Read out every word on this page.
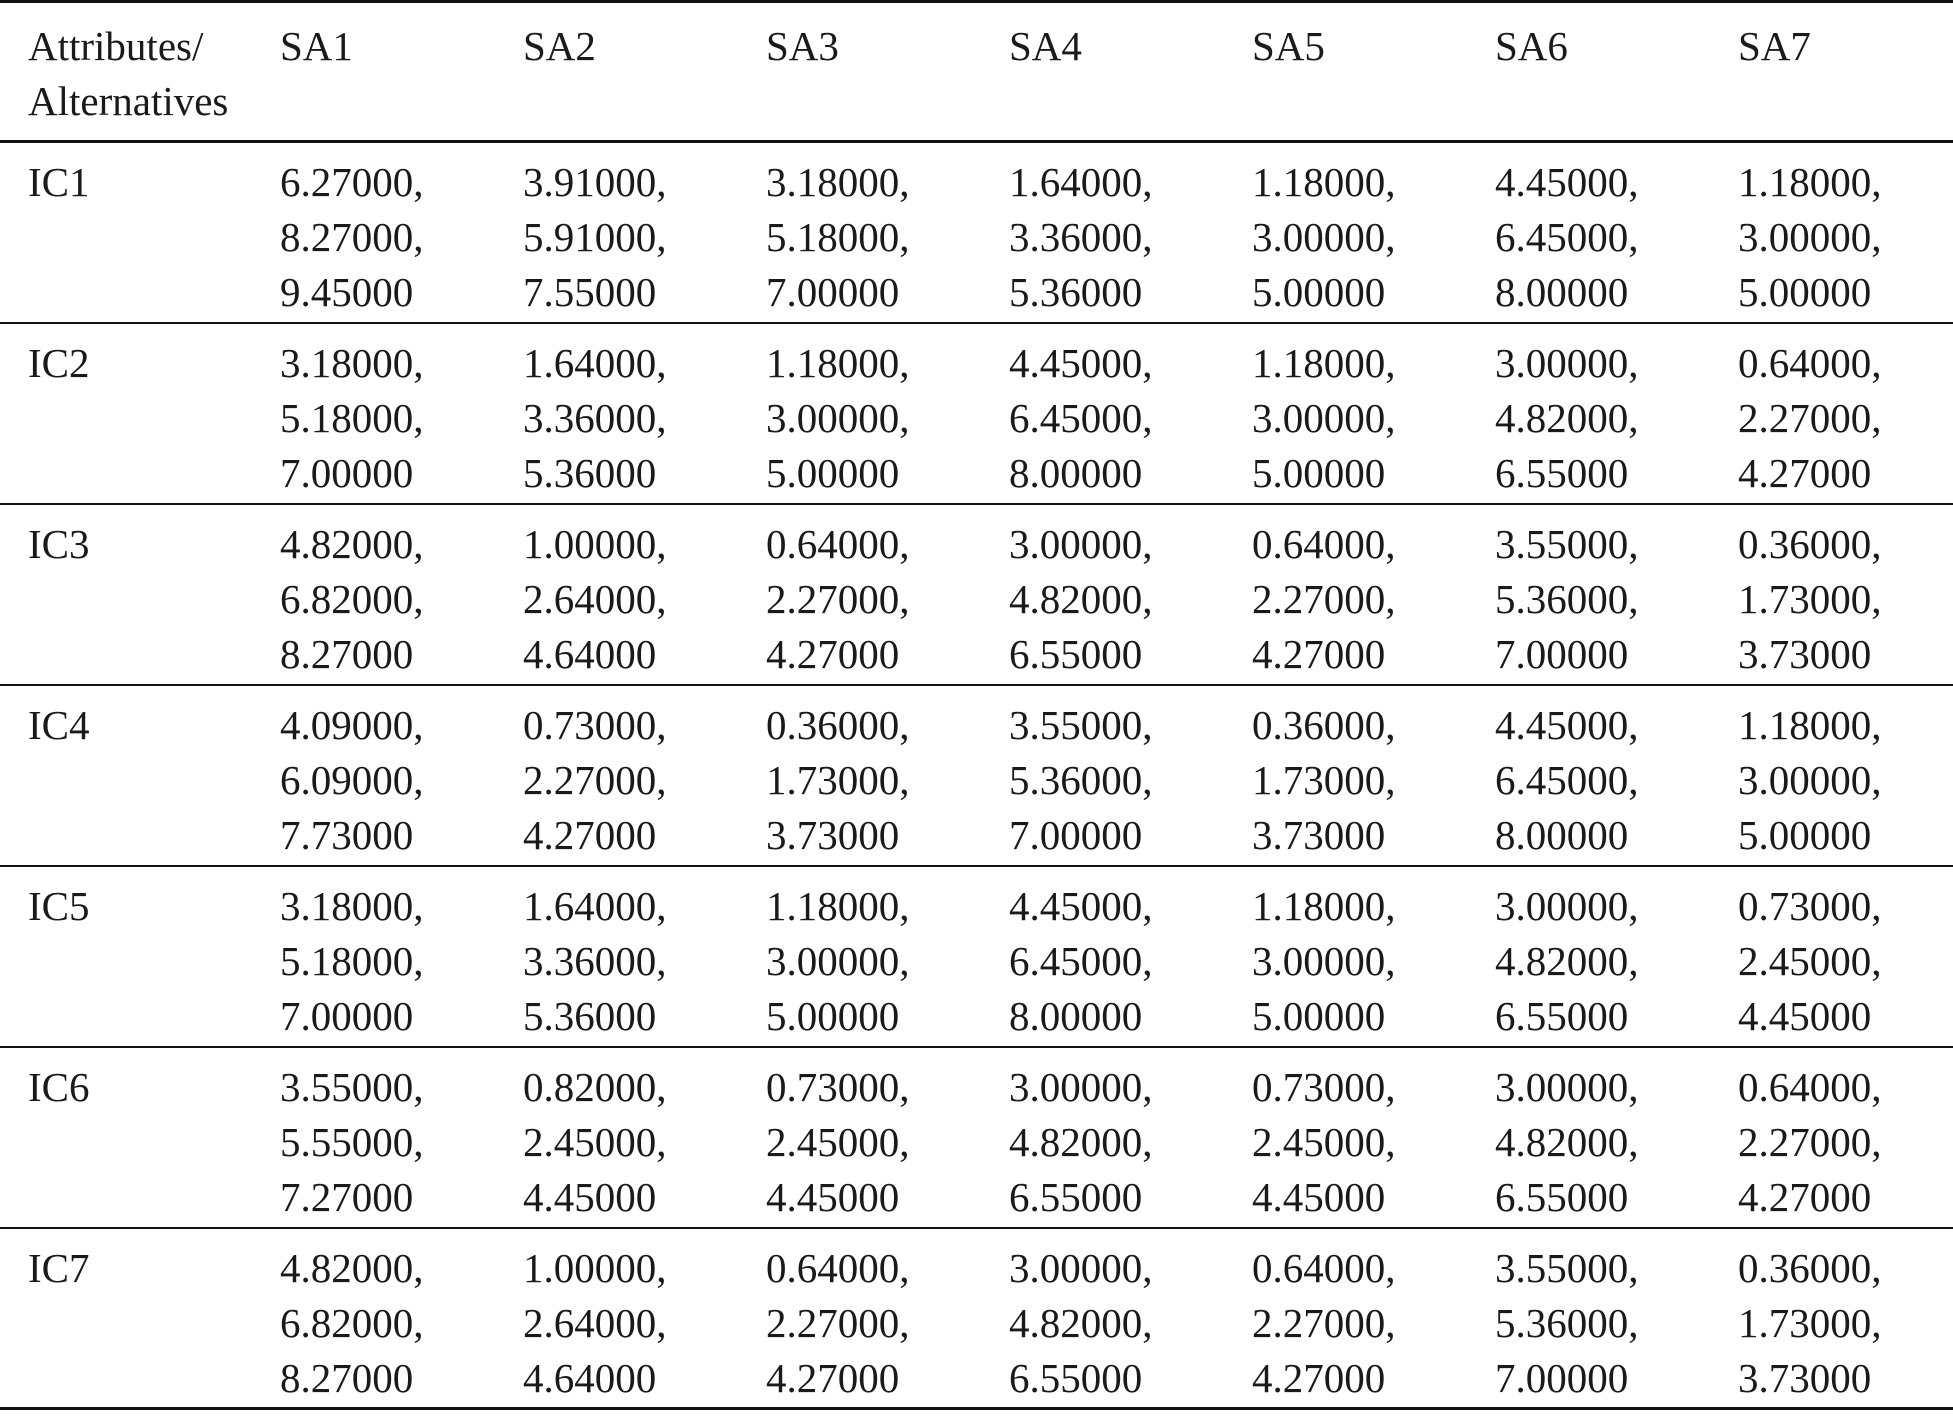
Attributes/
Alternatives	SA1	SA2	SA3	SA4	SA5	SA6	SA7
IC1	6.27000,
8.27000,
9.45000	3.91000,
5.91000,
7.55000	3.18000,
5.18000,
7.00000	1.64000,
3.36000,
5.36000	1.18000,
3.00000,
5.00000	4.45000,
6.45000,
8.00000	1.18000,
3.00000,
5.00000

IC2	3.18000,
5.18000,
7.00000	1.64000,
3.36000,
5.36000	1.18000,
3.00000,
5.00000	4.45000,
6.45000,
8.00000	1.18000,
3.00000,
5.00000	3.00000,
4.82000,
6.55000	0.64000,
2.27000,
4.27000

IC3	4.82000,
6.82000,
8.27000	1.00000,
2.64000,
4.64000	0.64000,
2.27000,
4.27000	3.00000,
4.82000,
6.55000	0.64000,
2.27000,
4.27000	3.55000,
5.36000,
7.00000	0.36000,
1.73000,
3.73000

IC4	4.09000,
6.09000,
7.73000	0.73000,
2.27000,
4.27000	0.36000,
1.73000,
3.73000	3.55000,
5.36000,
7.00000	0.36000,
1.73000,
3.73000	4.45000,
6.45000,
8.00000	1.18000,
3.00000,
5.00000

IC5	3.18000,
5.18000,
7.00000	1.64000,
3.36000,
5.36000	1.18000,
3.00000,
5.00000	4.45000,
6.45000,
8.00000	1.18000,
3.00000,
5.00000	3.00000,
4.82000,
6.55000	0.73000,
2.45000,
4.45000

IC6	3.55000,
5.55000,
7.27000	0.82000,
2.45000,
4.45000	0.73000,
2.45000,
4.45000	3.00000,
4.82000,
6.55000	0.73000,
2.45000,
4.45000	3.00000,
4.82000,
6.55000	0.64000,
2.27000,
4.27000

IC7	4.82000,
6.82000,
8.27000	1.00000,
2.64000,
4.64000	0.64000,
2.27000,
4.27000	3.00000,
4.82000,
6.55000	0.64000,
2.27000,
4.27000	3.55000,
5.36000,
7.00000	0.36000,
1.73000,
3.73000
